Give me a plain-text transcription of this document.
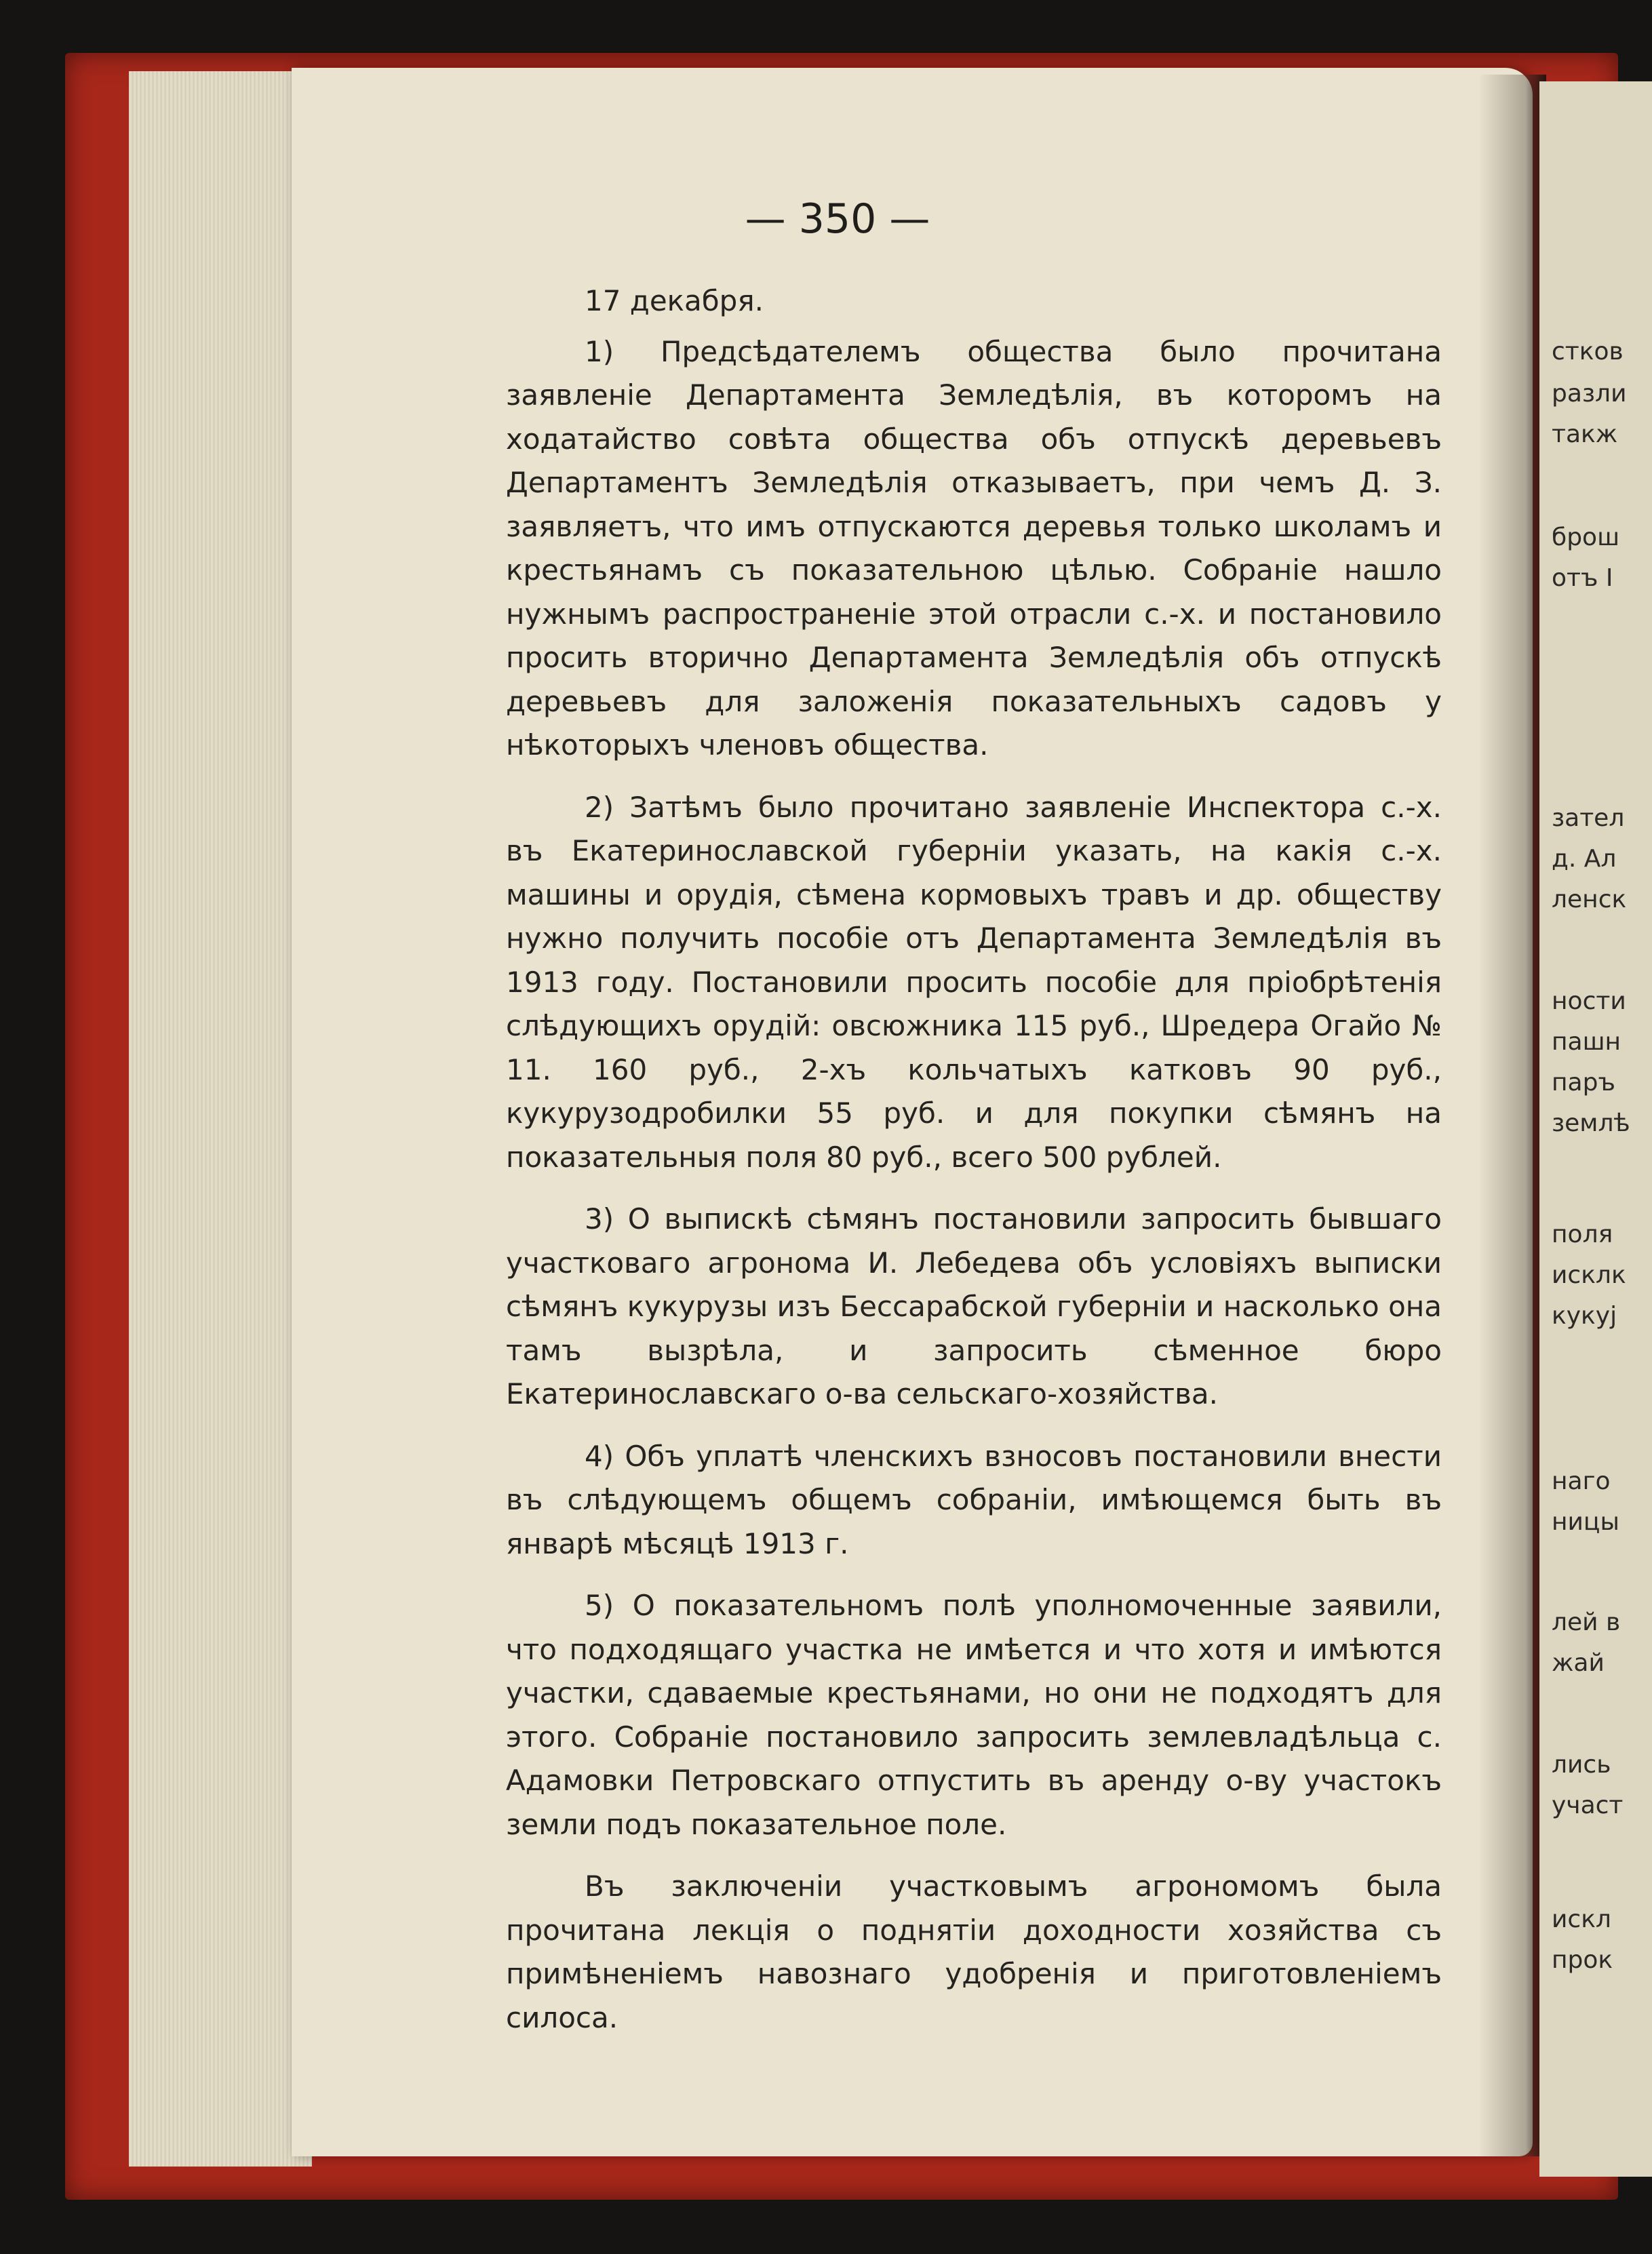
— 350 —

17 декабря.

1) Предсѣдателемъ общества было прочитана заявленiе Департамента Земледѣлiя, въ которомъ на ходатайство совѣта общества объ отпускѣ деревьевъ Департаментъ Земледѣлiя отказываетъ, при чемъ Д. З. заявляетъ, что имъ отпускаются деревья только школамъ и крестьянамъ съ показательною цѣлью. Собранiе нашло нужнымъ распространенiе этой отрасли с.-х. и постановило просить вторично Департамента Земледѣлiя объ отпускѣ деревьевъ для заложенiя показательныхъ садовъ у нѣкоторыхъ членовъ общества.

2) Затѣмъ было прочитано заявленiе Инспектора с.-х. въ Екатеринославской губернiи указать, на какiя с.-х. машины и орудiя, сѣмена кормовыхъ травъ и др. обществу нужно получить пособiе отъ Департамента Земледѣлiя въ 1913 году. Постановили просить пособiе для прiобрѣтенiя слѣдующихъ орудiй: овсюжника 115 руб., Шредера Огайо № 11. 160 руб., 2-хъ кольчатыхъ катковъ 90 руб., кукурузодробилки 55 руб. и для покупки сѣмянъ на показательныя поля 80 руб., всего 500 рублей.

3) О выпискѣ сѣмянъ постановили запросить бывшаго участковаго агронома И. Лебедева объ условiяхъ выписки сѣмянъ кукурузы изъ Бессарабской губернiи и насколько она тамъ вызрѣла, и запросить сѣменное бюро Екатеринославскаго о-ва сельскаго-хозяйства.

4) Объ уплатѣ членскихъ взносовъ постановили внести въ слѣдующемъ общемъ собранiи, имѣющемся быть въ январѣ мѣсяцѣ 1913 г.

5) О показательномъ полѣ уполномоченные заявили, что подходящаго участка не имѣется и что хотя и имѣются участки, сдаваемые крестьянами, но они не подходятъ для этого. Собранiе постановило запросить землевладѣльца с. Адамовки Петровскаго отпустить въ аренду о-ву участокъ земли подъ показательное поле.

Въ заключенiи участковымъ агрономомъ была прочитана лекцiя о поднятiи доходности хозяйства съ примѣненiемъ навознаго удобренiя и приготовленiемъ силоса.

стков
разли
такж
брош
отъ I
зател
д. Ал
ленск
ности
пашн
паръ
землѣ
поля
исклк
кукуј
наго
ницы
лей в
жай
лись
участ
искл
прок
